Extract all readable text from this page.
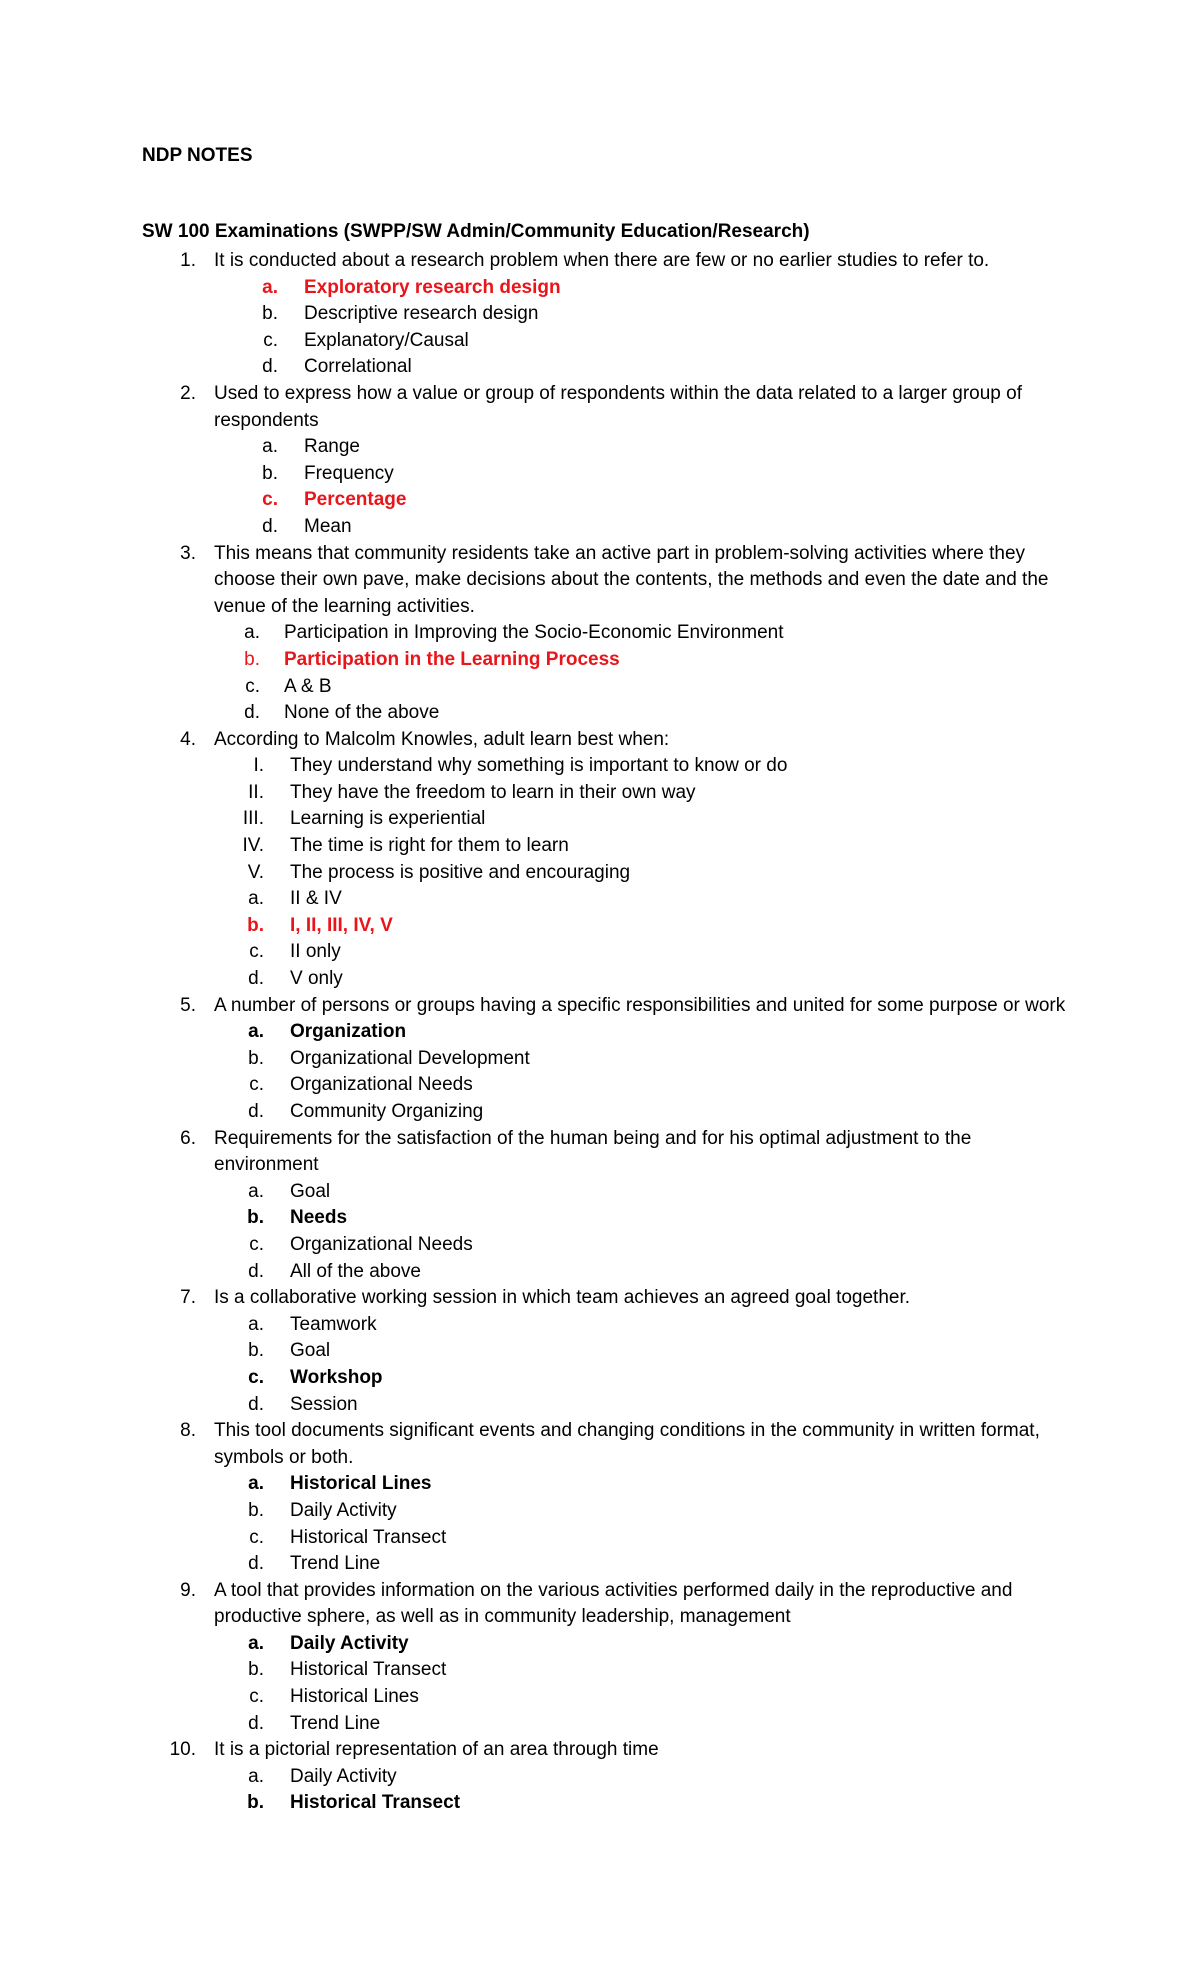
NDP NOTES
SW 100 Examinations (SWPP/SW Admin/Community Education/Research)
1. It is conducted about a research problem when there are few or no earlier studies to refer to.
a. Exploratory research design
b. Descriptive research design
c. Explanatory/Causal
d. Correlational
2. Used to express how a value or group of respondents within the data related to a larger group of respondents
a. Range
b. Frequency
c. Percentage
d. Mean
3. This means that community residents take an active part in problem-solving activities where they choose their own pave, make decisions about the contents, the methods and even the date and the venue of the learning activities.
a. Participation in Improving the Socio-Economic Environment
b. Participation in the Learning Process
c. A & B
d. None of the above
4. According to Malcolm Knowles, adult learn best when:
I. They understand why something is important to know or do
II. They have the freedom to learn in their own way
III. Learning is experiential
IV. The time is right for them to learn
V. The process is positive and encouraging
a. II & IV
b. I, II, III, IV, V
c. II only
d. V only
5. A number of persons or groups having a specific responsibilities and united for some purpose or work
a. Organization
b. Organizational Development
c. Organizational Needs
d. Community Organizing
6. Requirements for the satisfaction of the human being and for his optimal adjustment to the environment
a. Goal
b. Needs
c. Organizational Needs
d. All of the above
7. Is a collaborative working session in which team achieves an agreed goal together.
a. Teamwork
b. Goal
c. Workshop
d. Session
8. This tool documents significant events and changing conditions in the community in written format, symbols or both.
a. Historical Lines
b. Daily Activity
c. Historical Transect
d. Trend Line
9. A tool that provides information on the various activities performed daily in the reproductive and productive sphere, as well as in community leadership, management
a. Daily Activity
b. Historical Transect
c. Historical Lines
d. Trend Line
10. It is a pictorial representation of an area through time
a. Daily Activity
b. Historical Transect
